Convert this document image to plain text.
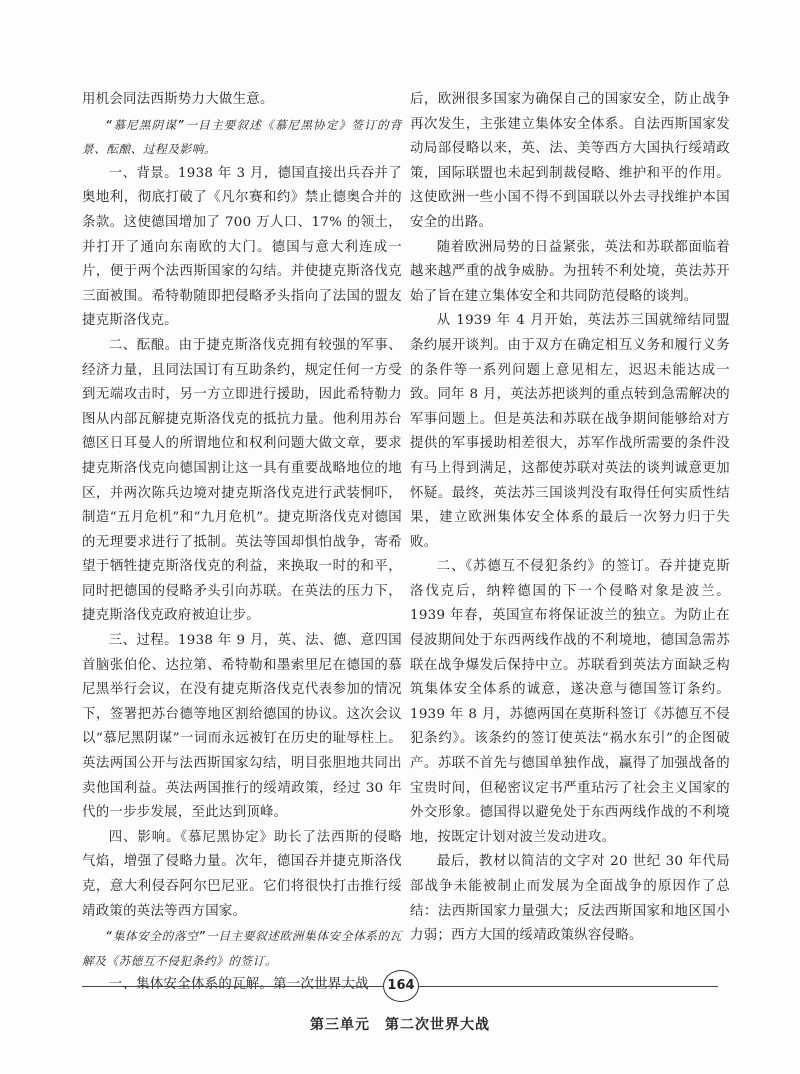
用机会同法西斯势力大做生意。

“慕尼黑阴谋”一目主要叙述《慕尼黑协定》签订的背景、酝酿、过程及影响。

一、背景。1938 年 3 月，德国直接出兵吞并了奥地利，彻底打破了《凡尔赛和约》禁止德奥合并的条款。这使德国增加了 700 万人口、17% 的领土，并打开了通向东南欧的大门。德国与意大利连成一片，便于两个法西斯国家的勾结。并使捷克斯洛伐克三面被围。希特勒随即把侵略矛头指向了法国的盟友捷克斯洛伐克。

二、酝酿。由于捷克斯洛伐克拥有较强的军事、经济力量，且同法国订有互助条约，规定任何一方受到无端攻击时，另一方立即进行援助，因此希特勒力图从内部瓦解捷克斯洛伐克的抵抗力量。他利用苏台德区日耳曼人的所谓地位和权利问题大做文章，要求捷克斯洛伐克向德国割让这一具有重要战略地位的地区，并两次陈兵边境对捷克斯洛伐克进行武装恫吓，制造“五月危机”和“九月危机”。捷克斯洛伐克对德国的无理要求进行了抵制。英法等国却惧怕战争，寄希望于牺牲捷克斯洛伐克的利益，来换取一时的和平，同时把德国的侵略矛头引向苏联。在英法的压力下，捷克斯洛伐克政府被迫让步。

三、过程。1938 年 9 月，英、法、德、意四国首脑张伯伦、达拉第、希特勒和墨索里尼在德国的慕尼黑举行会议，在没有捷克斯洛伐克代表参加的情况下，签署把苏台德等地区割给德国的协议。这次会议以“慕尼黑阴谋”一词而永远被钉在历史的耻辱柱上。英法两国公开与法西斯国家勾结，明目张胆地共同出卖他国利益。英法两国推行的绥靖政策，经过 30 年代的一步步发展，至此达到顶峰。

四、影响。《慕尼黑协定》助长了法西斯的侵略气焰，增强了侵略力量。次年，德国吞并捷克斯洛伐克，意大利侵吞阿尔巴尼亚。它们将很快打击推行绥靖政策的英法等西方国家。

“集体安全的落空”一目主要叙述欧洲集体安全体系的瓦解及《苏德互不侵犯条约》的签订。

一、集体安全体系的瓦解。第一次世界大战

后，欧洲很多国家为确保自己的国家安全，防止战争再次发生，主张建立集体安全体系。自法西斯国家发动局部侵略以来，英、法、美等西方大国执行绥靖政策，国际联盟也未起到制裁侵略、维护和平的作用。这使欧洲一些小国不得不到国联以外去寻找维护本国安全的出路。

随着欧洲局势的日益紧张，英法和苏联都面临着越来越严重的战争威胁。为扭转不利处境，英法苏开始了旨在建立集体安全和共同防范侵略的谈判。

从 1939 年 4 月开始，英法苏三国就缔结同盟条约展开谈判。由于双方在确定相互义务和履行义务的条件等一系列问题上意见相左，迟迟未能达成一致。同年 8 月，英法苏把谈判的重点转到急需解决的军事问题上。但是英法和苏联在战争期间能够给对方提供的军事援助相差很大，苏军作战所需要的条件没有马上得到满足，这都使苏联对英法的谈判诚意更加怀疑。最终，英法苏三国谈判没有取得任何实质性结果，建立欧洲集体安全体系的最后一次努力归于失败。

二、《苏德互不侵犯条约》的签订。吞并捷克斯洛伐克后，纳粹德国的下一个侵略对象是波兰。1939 年春，英国宣布将保证波兰的独立。为防止在侵波期间处于东西两线作战的不利境地，德国急需苏联在战争爆发后保持中立。苏联看到英法方面缺乏构筑集体安全体系的诚意，遂决意与德国签订条约。1939 年 8 月，苏德两国在莫斯科签订《苏德互不侵犯条约》。该条约的签订使英法“祸水东引”的企图破产。苏联不首先与德国单独作战，赢得了加强战备的宝贵时间，但秘密议定书严重玷污了社会主义国家的外交形象。德国得以避免处于东西两线作战的不利境地，按既定计划对波兰发动进攻。

最后，教材以简洁的文字对 20 世纪 30 年代局部战争未能被制止而发展为全面战争的原因作了总结：法西斯国家力量强大；反法西斯国家和地区国小力弱；西方大国的绥靖政策纵容侵略。

164
第三单元　第二次世界大战
